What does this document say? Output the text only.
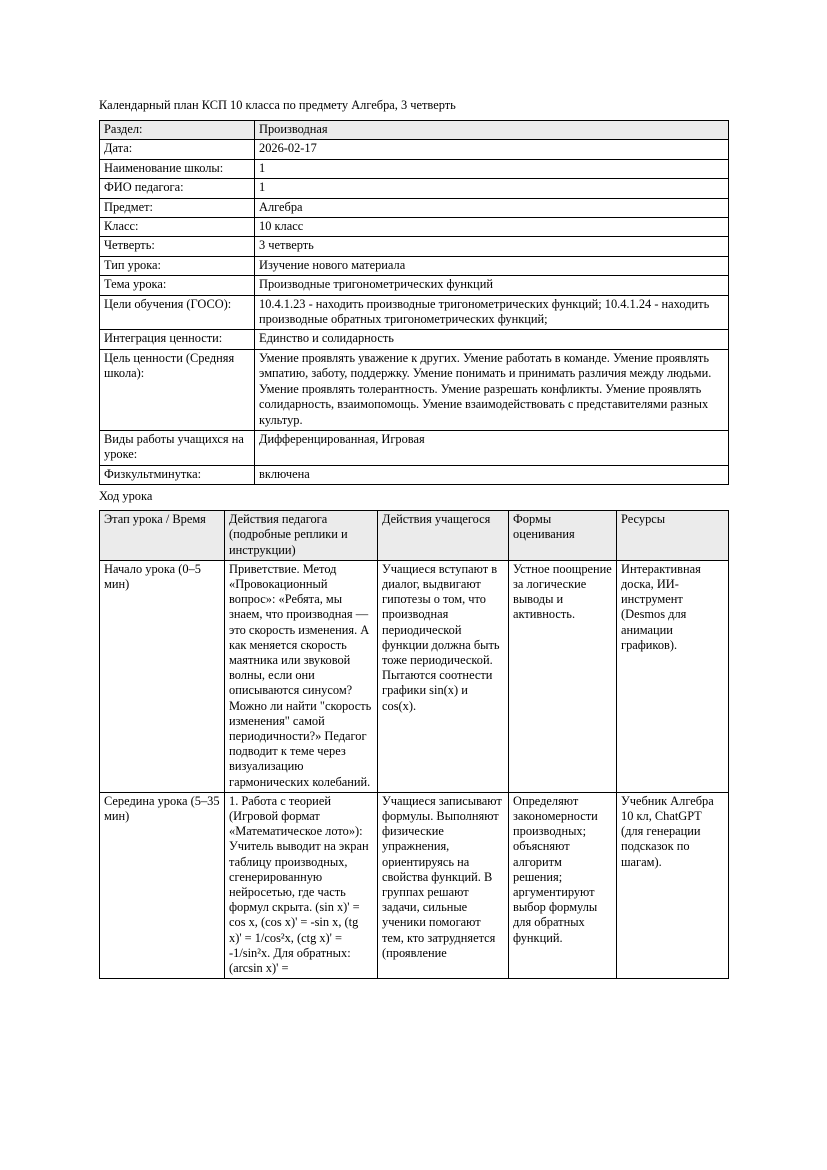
Календарный план КСП 10 класса по предмету Алгебра, 3 четверть

Раздел:	Производная
Дата:	2026-02-17
Наименование школы:	1
ФИО педагога:	1
Предмет:	Алгебра
Класс:	10 класс
Четверть:	3 четверть
Тип урока:	Изучение нового материала
Тема урока:	Производные тригонометрических функций
Цели обучения (ГОСО):	10.4.1.23 - находить производные тригонометрических функций; 10.4.1.24 - находить производные обратных тригонометрических функций;
Интеграция ценности:	Единство и солидарность
Цель ценности (Средняя школа):	Умение проявлять уважение к других. Умение работать в команде. Умение проявлять эмпатию, заботу, поддержку. Умение понимать и принимать различия между людьми. Умение проявлять толерантность. Умение разрешать конфликты. Умение проявлять солидарность, взаимопомощь. Умение взаимодействовать с представителями разных культур.
Виды работы учащихся на уроке:	Дифференцированная, Игровая
Физкультминутка:	включена

Ход урока

Этап урока / Время	Действия педагога (подробные реплики и инструкции)	Действия учащегося	Формы оценивания	Ресурсы

Начало урока (0–5 мин)	Приветствие. Метод «Провокационный вопрос»: «Ребята, мы знаем, что производная — это скорость изменения. А как меняется скорость маятника или звуковой волны, если они описываются синусом? Можно ли найти "скорость изменения" самой периодичности?» Педагог подводит к теме через визуализацию гармонических колебаний.	Учащиеся вступают в диалог, выдвигают гипотезы о том, что производная периодической функции должна быть тоже периодической. Пытаются соотнести графики sin(x) и cos(x).	Устное поощрение за логические выводы и активность.	Интерактивная доска, ИИ-инструмент (Desmos для анимации графиков).

Середина урока (5–35 мин)	1. Работа с теорией (Игровой формат «Математическое лото»): Учитель выводит на экран таблицу производных, сгенерированную нейросетью, где часть формул скрыта. (sin x)' = cos x, (cos x)' = -sin x, (tg x)' = 1/cos²x, (ctg x)' = -1/sin²x. Для обратных: (arcsin x)' =	Учащиеся записывают формулы. Выполняют физические упражнения, ориентируясь на свойства функций. В группах решают задачи, сильные ученики помогают тем, кто затрудняется (проявление	Определяют закономерности производных; объясняют алгоритм решения; аргументируют выбор формулы для обратных функций.	Учебник Алгебра 10 кл, ChatGPT (для генерации подсказок по шагам).
